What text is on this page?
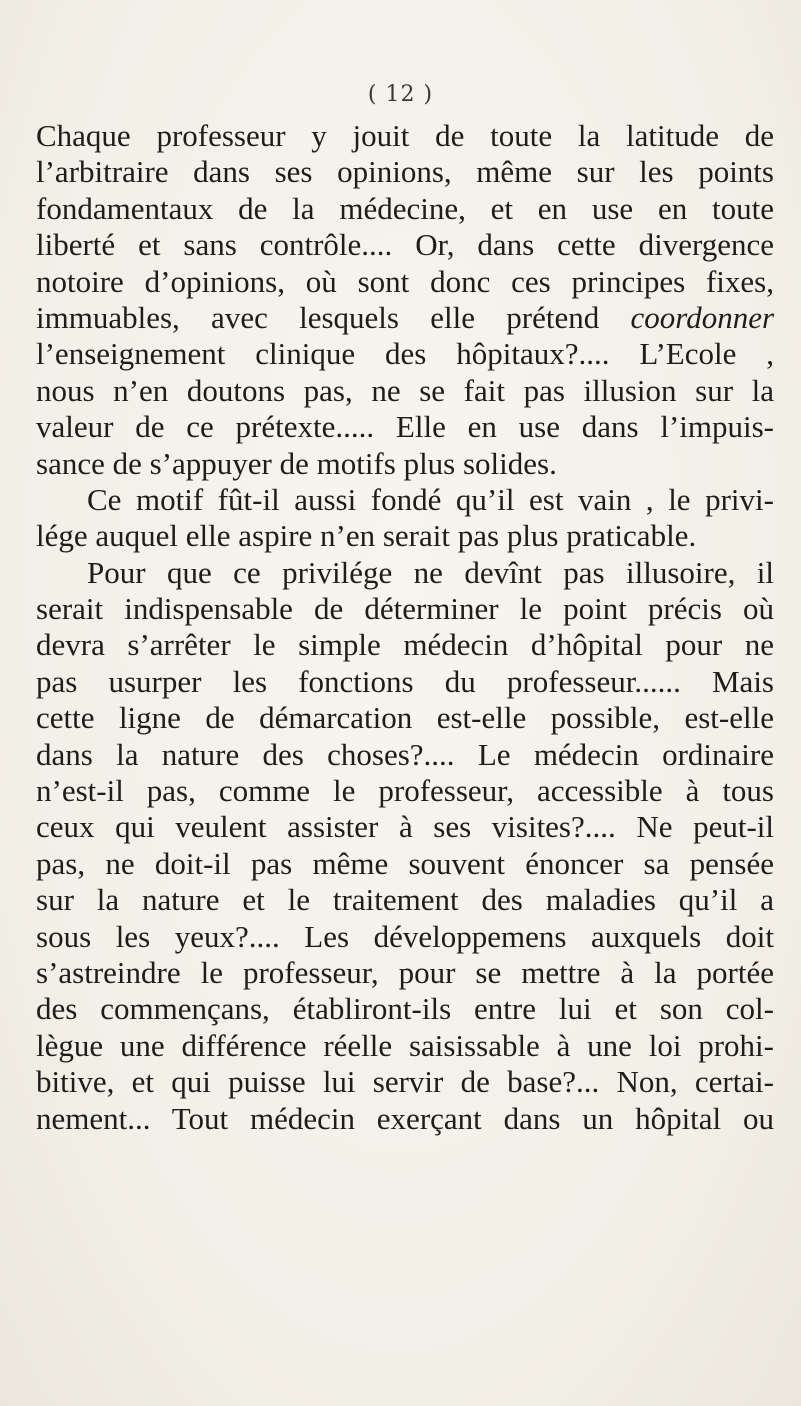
( 12 )
Chaque professeur y jouit de toute la latitude de
l’arbitraire dans ses opinions, même sur les points
fondamentaux de la médecine, et en use en toute
liberté et sans contrôle.... Or, dans cette divergence
notoire d’opinions, où sont donc ces principes fixes,
immuables, avec lesquels elle prétend coordonner
l’enseignement clinique des hôpitaux?.... L’Ecole ,
nous n’en doutons pas, ne se fait pas illusion sur la
valeur de ce prétexte..... Elle en use dans l’impuis-
sance de s’appuyer de motifs plus solides.
Ce motif fût-il aussi fondé qu’il est vain , le privi-
lége auquel elle aspire n’en serait pas plus praticable.
Pour que ce privilége ne devînt pas illusoire, il
serait indispensable de déterminer le point précis où
devra s’arrêter le simple médecin d’hôpital pour ne
pas usurper les fonctions du professeur...... Mais
cette ligne de démarcation est-elle possible, est-elle
dans la nature des choses?.... Le médecin ordinaire
n’est-il pas, comme le professeur, accessible à tous
ceux qui veulent assister à ses visites?.... Ne peut-il
pas, ne doit-il pas même souvent énoncer sa pensée
sur la nature et le traitement des maladies qu’il a
sous les yeux?.... Les développemens auxquels doit
s’astreindre le professeur, pour se mettre à la portée
des commençans, établiront-ils entre lui et son col-
lègue une différence réelle saisissable à une loi prohi-
bitive, et qui puisse lui servir de base?... Non, certai-
nement... Tout médecin exerçant dans un hôpital ou
